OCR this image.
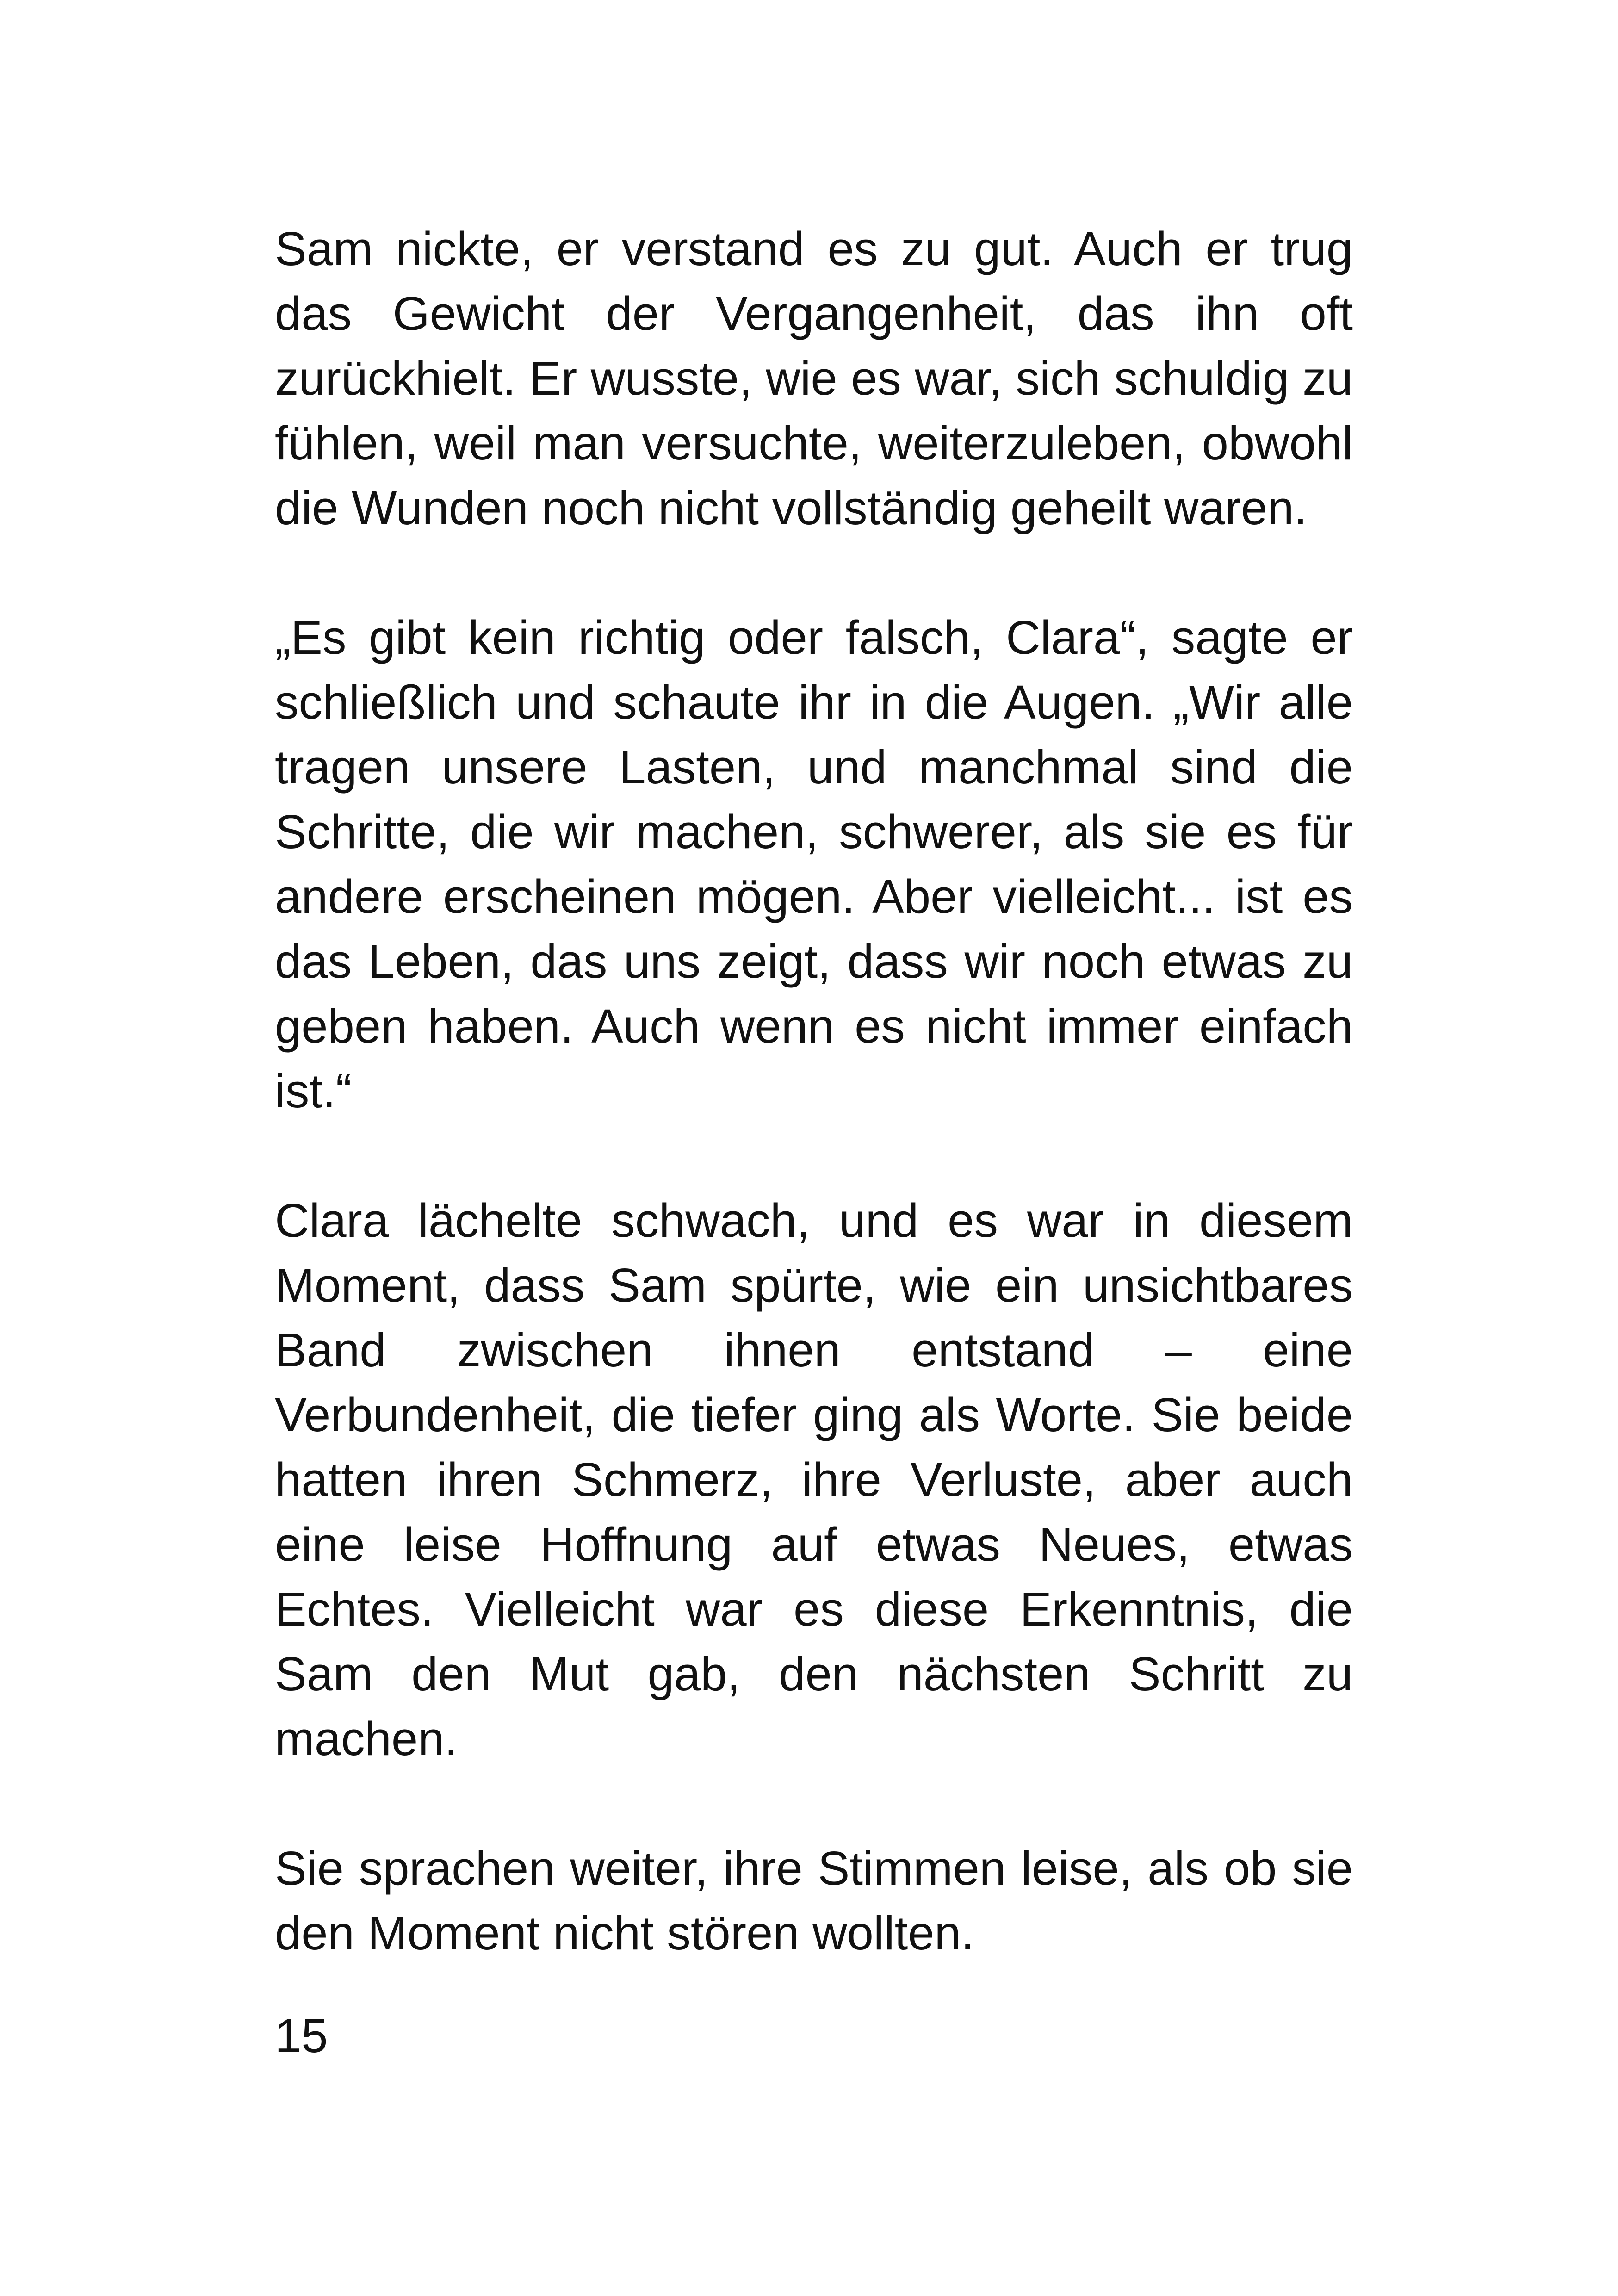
Sam nickte, er verstand es zu gut. Auch er trug das Gewicht der Vergangenheit, das ihn oft zurückhielt. Er wusste, wie es war, sich schuldig zu fühlen, weil man versuchte, weiterzuleben, obwohl die Wunden noch nicht vollständig geheilt waren.

„Es gibt kein richtig oder falsch, Clara“, sagte er schließlich und schaute ihr in die Augen. „Wir alle tragen unsere Lasten, und manchmal sind die Schritte, die wir machen, schwerer, als sie es für andere erscheinen mögen. Aber vielleicht... ist es das Leben, das uns zeigt, dass wir noch etwas zu geben haben. Auch wenn es nicht immer einfach ist.“

Clara lächelte schwach, und es war in diesem Moment, dass Sam spürte, wie ein unsichtbares Band zwischen ihnen entstand – eine Verbundenheit, die tiefer ging als Worte. Sie beide hatten ihren Schmerz, ihre Verluste, aber auch eine leise Hoffnung auf etwas Neues, etwas Echtes. Vielleicht war es diese Erkenntnis, die Sam den Mut gab, den nächsten Schritt zu machen.

Sie sprachen weiter, ihre Stimmen leise, als ob sie den Moment nicht stören wollten.

15
